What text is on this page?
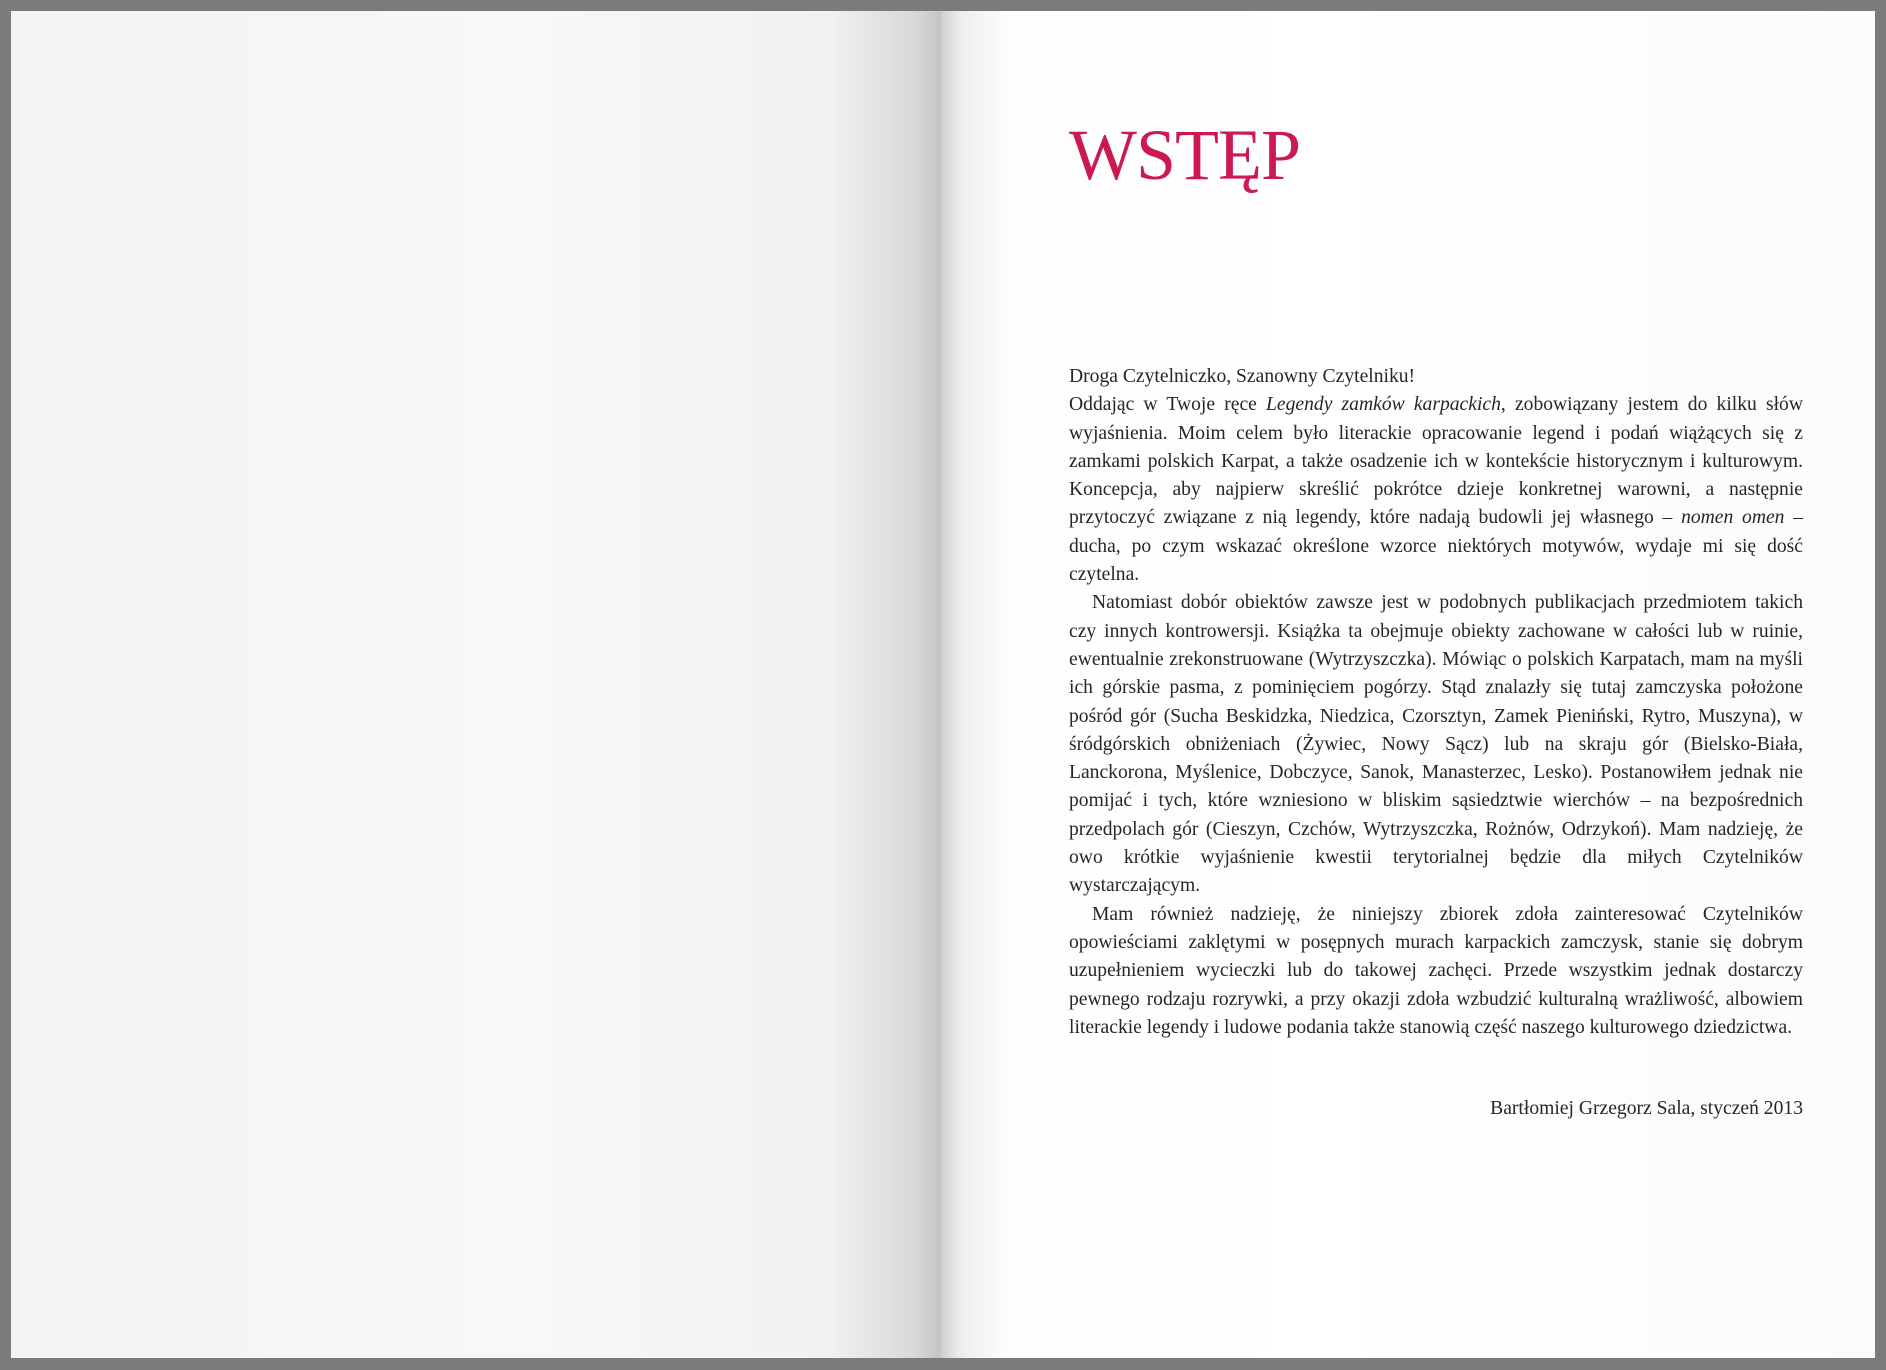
WSTĘP

Droga Czytelniczko, Szanowny Czytelniku!

Oddając w Twoje ręce Legendy zamków karpackich, zobowiązany jestem do kilku słów wyjaśnienia. Moim celem było literackie opracowanie legend i podań wiążących się z zamkami polskich Karpat, a także osadzenie ich w kontekście historycznym i kulturowym. Koncepcja, aby najpierw skreślić pokrótce dzieje konkretnej warowni, a następnie przytoczyć związane z nią legendy, które nadają budowli jej własnego – nomen omen – ducha, po czym wskazać określone wzorce niektórych motywów, wydaje mi się dość czytelna.

Natomiast dobór obiektów zawsze jest w podobnych publikacjach przedmiotem takich czy innych kontrowersji. Książka ta obejmuje obiekty zachowane w całości lub w ruinie, ewentualnie zrekonstruowane (Wytrzyszczka). Mówiąc o polskich Karpatach, mam na myśli ich górskie pasma, z pominięciem pogórzy. Stąd znalazły się tutaj zamczyska położone pośród gór (Sucha Beskidzka, Niedzica, Czorsztyn, Zamek Pieniński, Rytro, Muszyna), w śródgórskich obniżeniach (Żywiec, Nowy Sącz) lub na skraju gór (Bielsko-Biała, Lanckorona, Myślenice, Dobczyce, Sanok, Manasterzec, Lesko). Postanowiłem jednak nie pomijać i tych, które wzniesiono w bliskim sąsiedztwie wierchów – na bezpośrednich przedpolach gór (Cieszyn, Czchów, Wytrzyszczka, Rożnów, Odrzykoń). Mam nadzieję, że owo krótkie wyjaśnienie kwestii terytorialnej będzie dla miłych Czytelników wystarczającym.

Mam również nadzieję, że niniejszy zbiorek zdoła zainteresować Czytelników opowieściami zaklętymi w posępnych murach karpackich zamczysk, stanie się dobrym uzupełnieniem wycieczki lub do takowej zachęci. Przede wszystkim jednak dostarczy pewnego rodzaju rozrywki, a przy okazji zdoła wzbudzić kulturalną wrażliwość, albowiem literackie legendy i ludowe podania także stanowią część naszego kulturowego dziedzictwa.

Bartłomiej Grzegorz Sala, styczeń 2013
